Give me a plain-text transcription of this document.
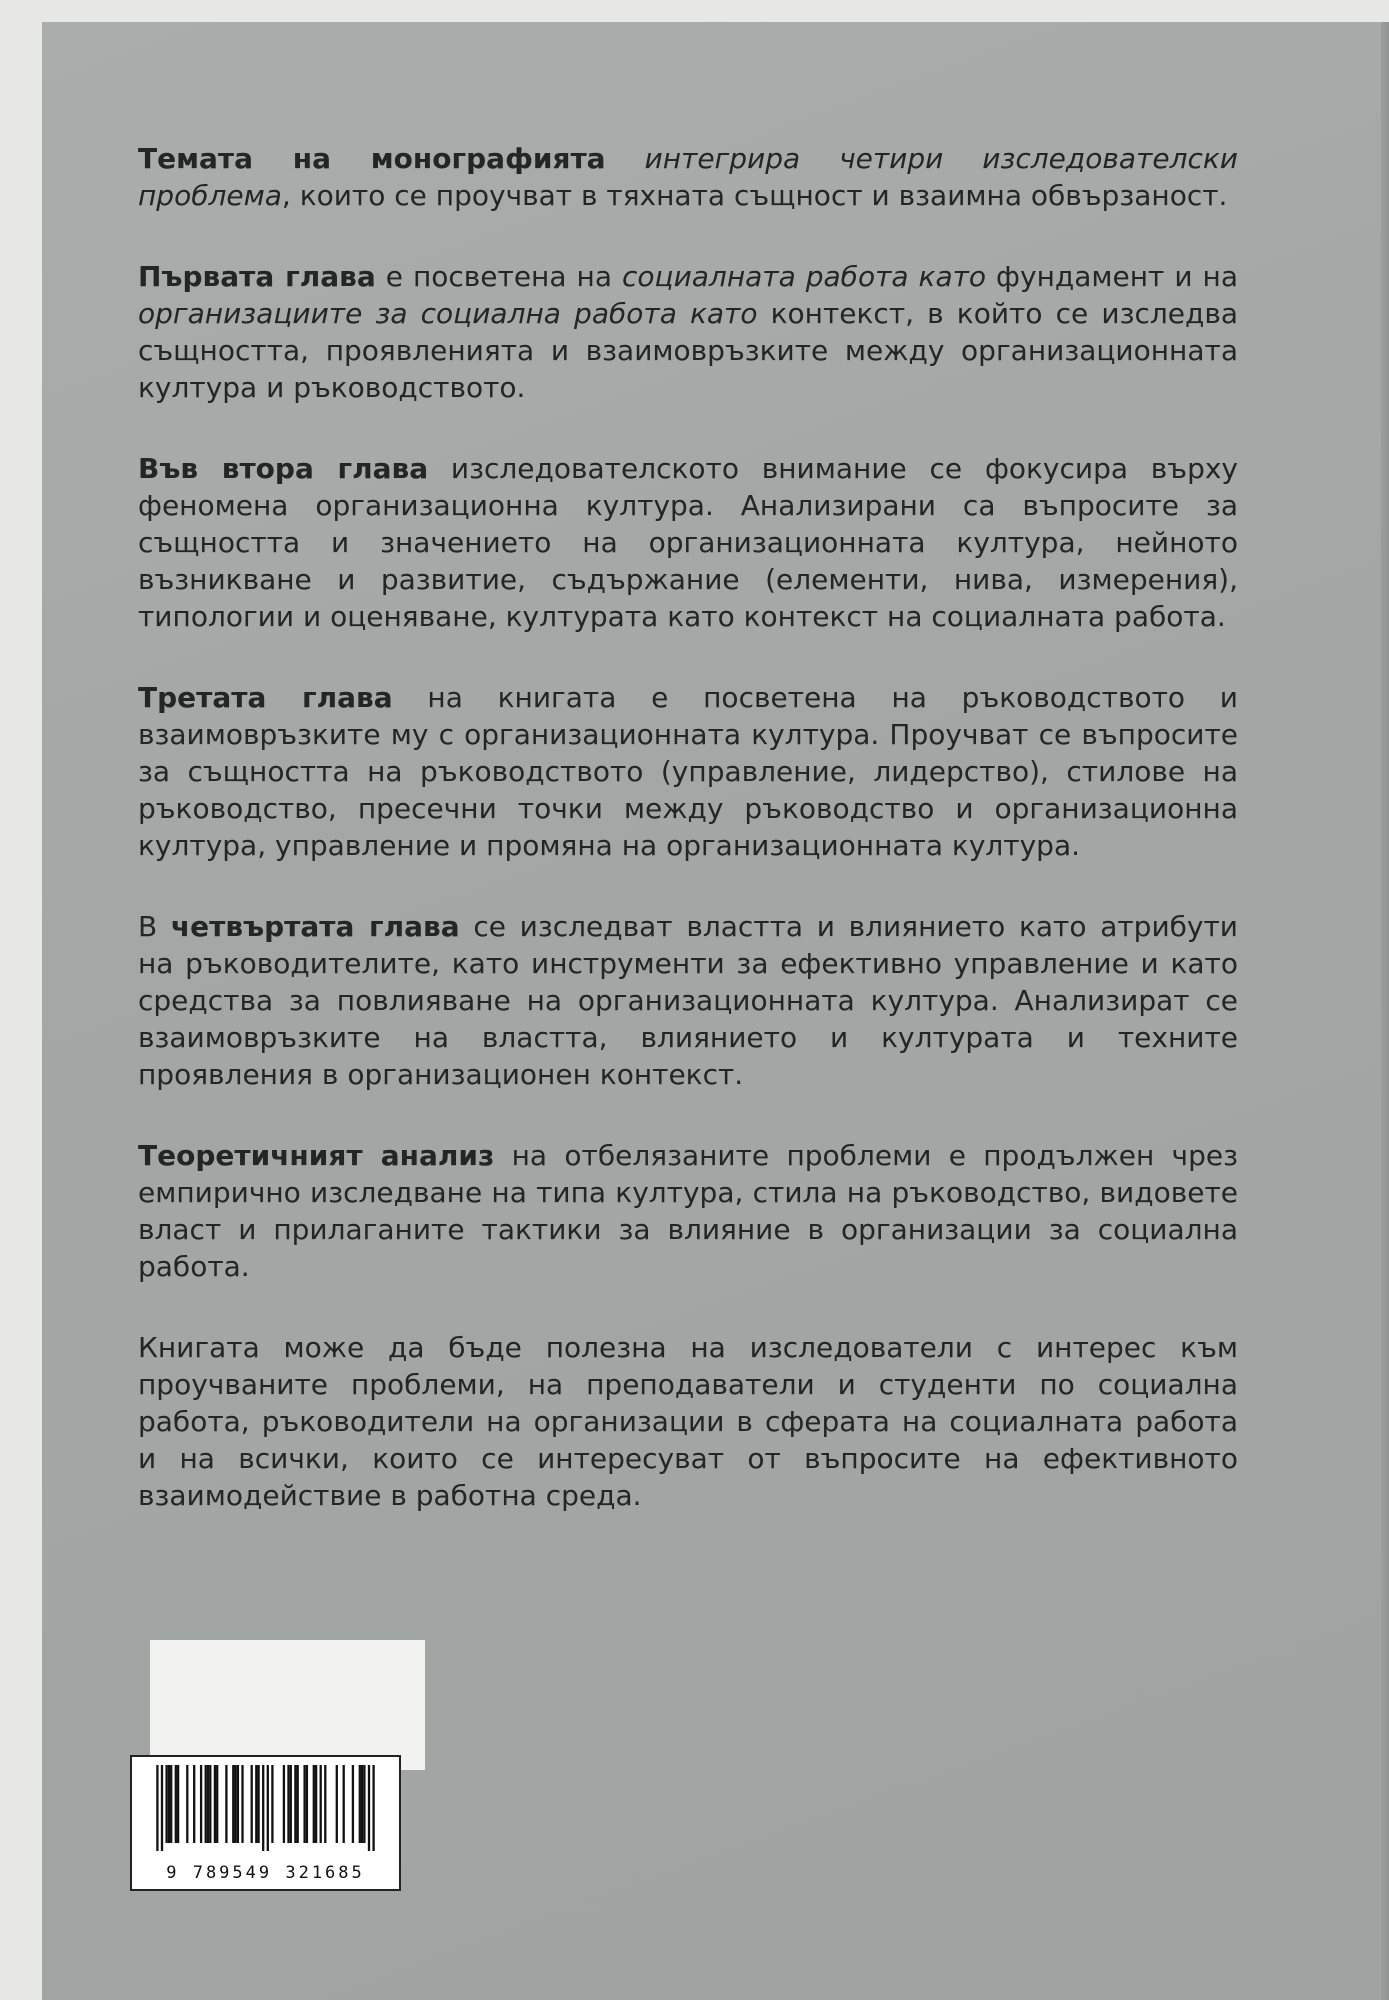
Темата на монографията интегрира четири изследователски проблема, които се проучват в тяхната същност и взаимна обвързаност.

Първата глава е посветена на социалната работа като фундамент и на организациите за социална работа като контекст, в който се изследва същността, проявленията и взаимовръзките между организационната култура и ръководството.

Във втора глава изследователското внимание се фокусира върху феномена организационна култура. Анализирани са въпросите за същността и значението на организационната култура, нейното възникване и развитие, съдържание (елементи, нива, измерения), типологии и оценяване, културата като контекст на социалната работа.

Третата глава на книгата е посветена на ръководството и взаимовръзките му с организационната култура. Проучват се въпросите за същността на ръководството (управление, лидерство), стилове на ръководство, пресечни точки между ръководство и организационна култура, управление и промяна на организационната култура.

В четвъртата глава се изследват властта и влиянието като атрибути на ръководителите, като инструменти за ефективно управление и като средства за повлияване на организационната култура. Анализират се взаимовръзките на властта, влиянието и културата и техните проявления в организационен контекст.

Теоретичният анализ на отбелязаните проблеми е продължен чрез емпирично изследване на типа култура, стила на ръководство, видовете власт и прилаганите тактики за влияние в организации за социална работа.

Книгата може да бъде полезна на изследователи с интерес към проучваните проблеми, на преподаватели и студенти по социална работа, ръководители на организации в сферата на социалната работа и на всички, които се интересуват от въпросите на ефективното взаимодействие в работна среда.

9 789549 321685
